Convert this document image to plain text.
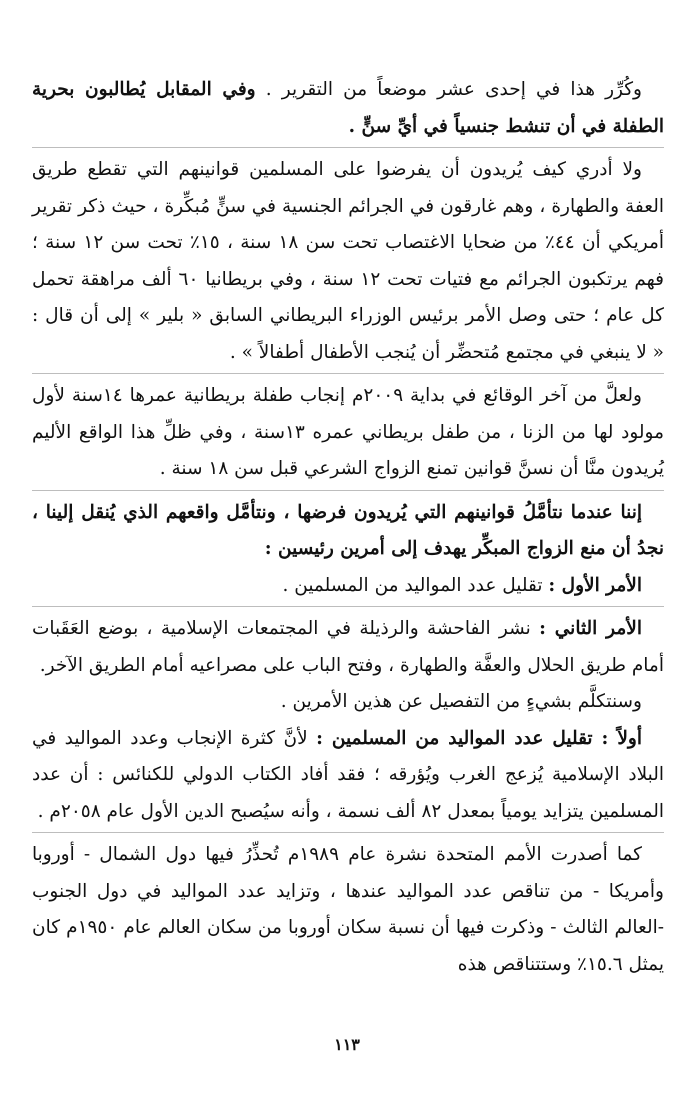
وكُرِّر هذا في إحدى عشر موضعاً من التقرير . وفي المقابل يُطالبون بحرية الطفلة في أن تنشط جنسياً في أيِّ سنٍّ .

ولا أدري كيف يُريدون أن يفرضوا على المسلمين قوانينهم التي تقطع طريق العفة والطهارة ، وهم غارقون في الجرائم الجنسية في سنٍّ مُبكِّرة ، حيث ذكر تقرير أمريكي أن ٤٤٪ من ضحايا الاغتصاب تحت سن ١٨ سنة ، ١٥٪ تحت سن ١٢ سنة ؛ فهم يرتكبون الجرائم مع فتيات تحت ١٢ سنة ، وفي بريطانيا ٦٠ ألف مراهقة تحمل كل عام ؛ حتى وصل الأمر برئيس الوزراء البريطاني السابق « بلير » إلى أن قال : « لا ينبغي في مجتمع مُتحضِّر أن يُنجب الأطفال أطفالاً » .

ولعلَّ من آخر الوقائع في بداية ٢٠٠٩م إنجاب طفلة بريطانية عمرها ١٤سنة لأول مولود لها من الزنا ، من طفل بريطاني عمره ١٣سنة ، وفي ظلِّ هذا الواقع الأليم يُريدون منَّا أن نسنَّ قوانين تمنع الزواج الشرعي قبل سن ١٨ سنة .

إننا عندما نتأمَّلُ قوانينهم التي يُريدون فرضها ، ونتأمَّل واقعهم الذي يُنقل إلينا ، نجدُ أن منع الزواج المبكِّر يهدف إلى أمرين رئيسين :

الأمر الأول : تقليل عدد المواليد من المسلمين .

الأمر الثاني : نشر الفاحشة والرذيلة في المجتمعات الإسلامية ، بوضع العَقَبات أمام طريق الحلال والعفَّة والطهارة ، وفتح الباب على مصراعيه أمام الطريق الآخر.

وسنتكلَّم بشيءٍ من التفصيل عن هذين الأمرين .

أولاً : تقليل عدد المواليد من المسلمين : لأنَّ كثرة الإنجاب وعدد المواليد في البلاد الإسلامية يُزعج الغرب ويُؤرقه ؛ فقد أفاد الكتاب الدولي للكنائس : أن عدد المسلمين يتزايد يومياً بمعدل ٨٢ ألف نسمة ، وأنه سيُصبح الدين الأول عام ٢٠٥٨م .

كما أصدرت الأمم المتحدة نشرة عام ١٩٨٩م تُحذِّرُ فيها دول الشمال - أوروبا وأمريكا - من تناقص عدد المواليد عندها ، وتزايد عدد المواليد في دول الجنوب -العالم الثالث - وذكرت فيها أن نسبة سكان أوروبا من سكان العالم عام ١٩٥٠م كان يمثل ١٥.٦٪ وستتناقص هذه

١١٣
